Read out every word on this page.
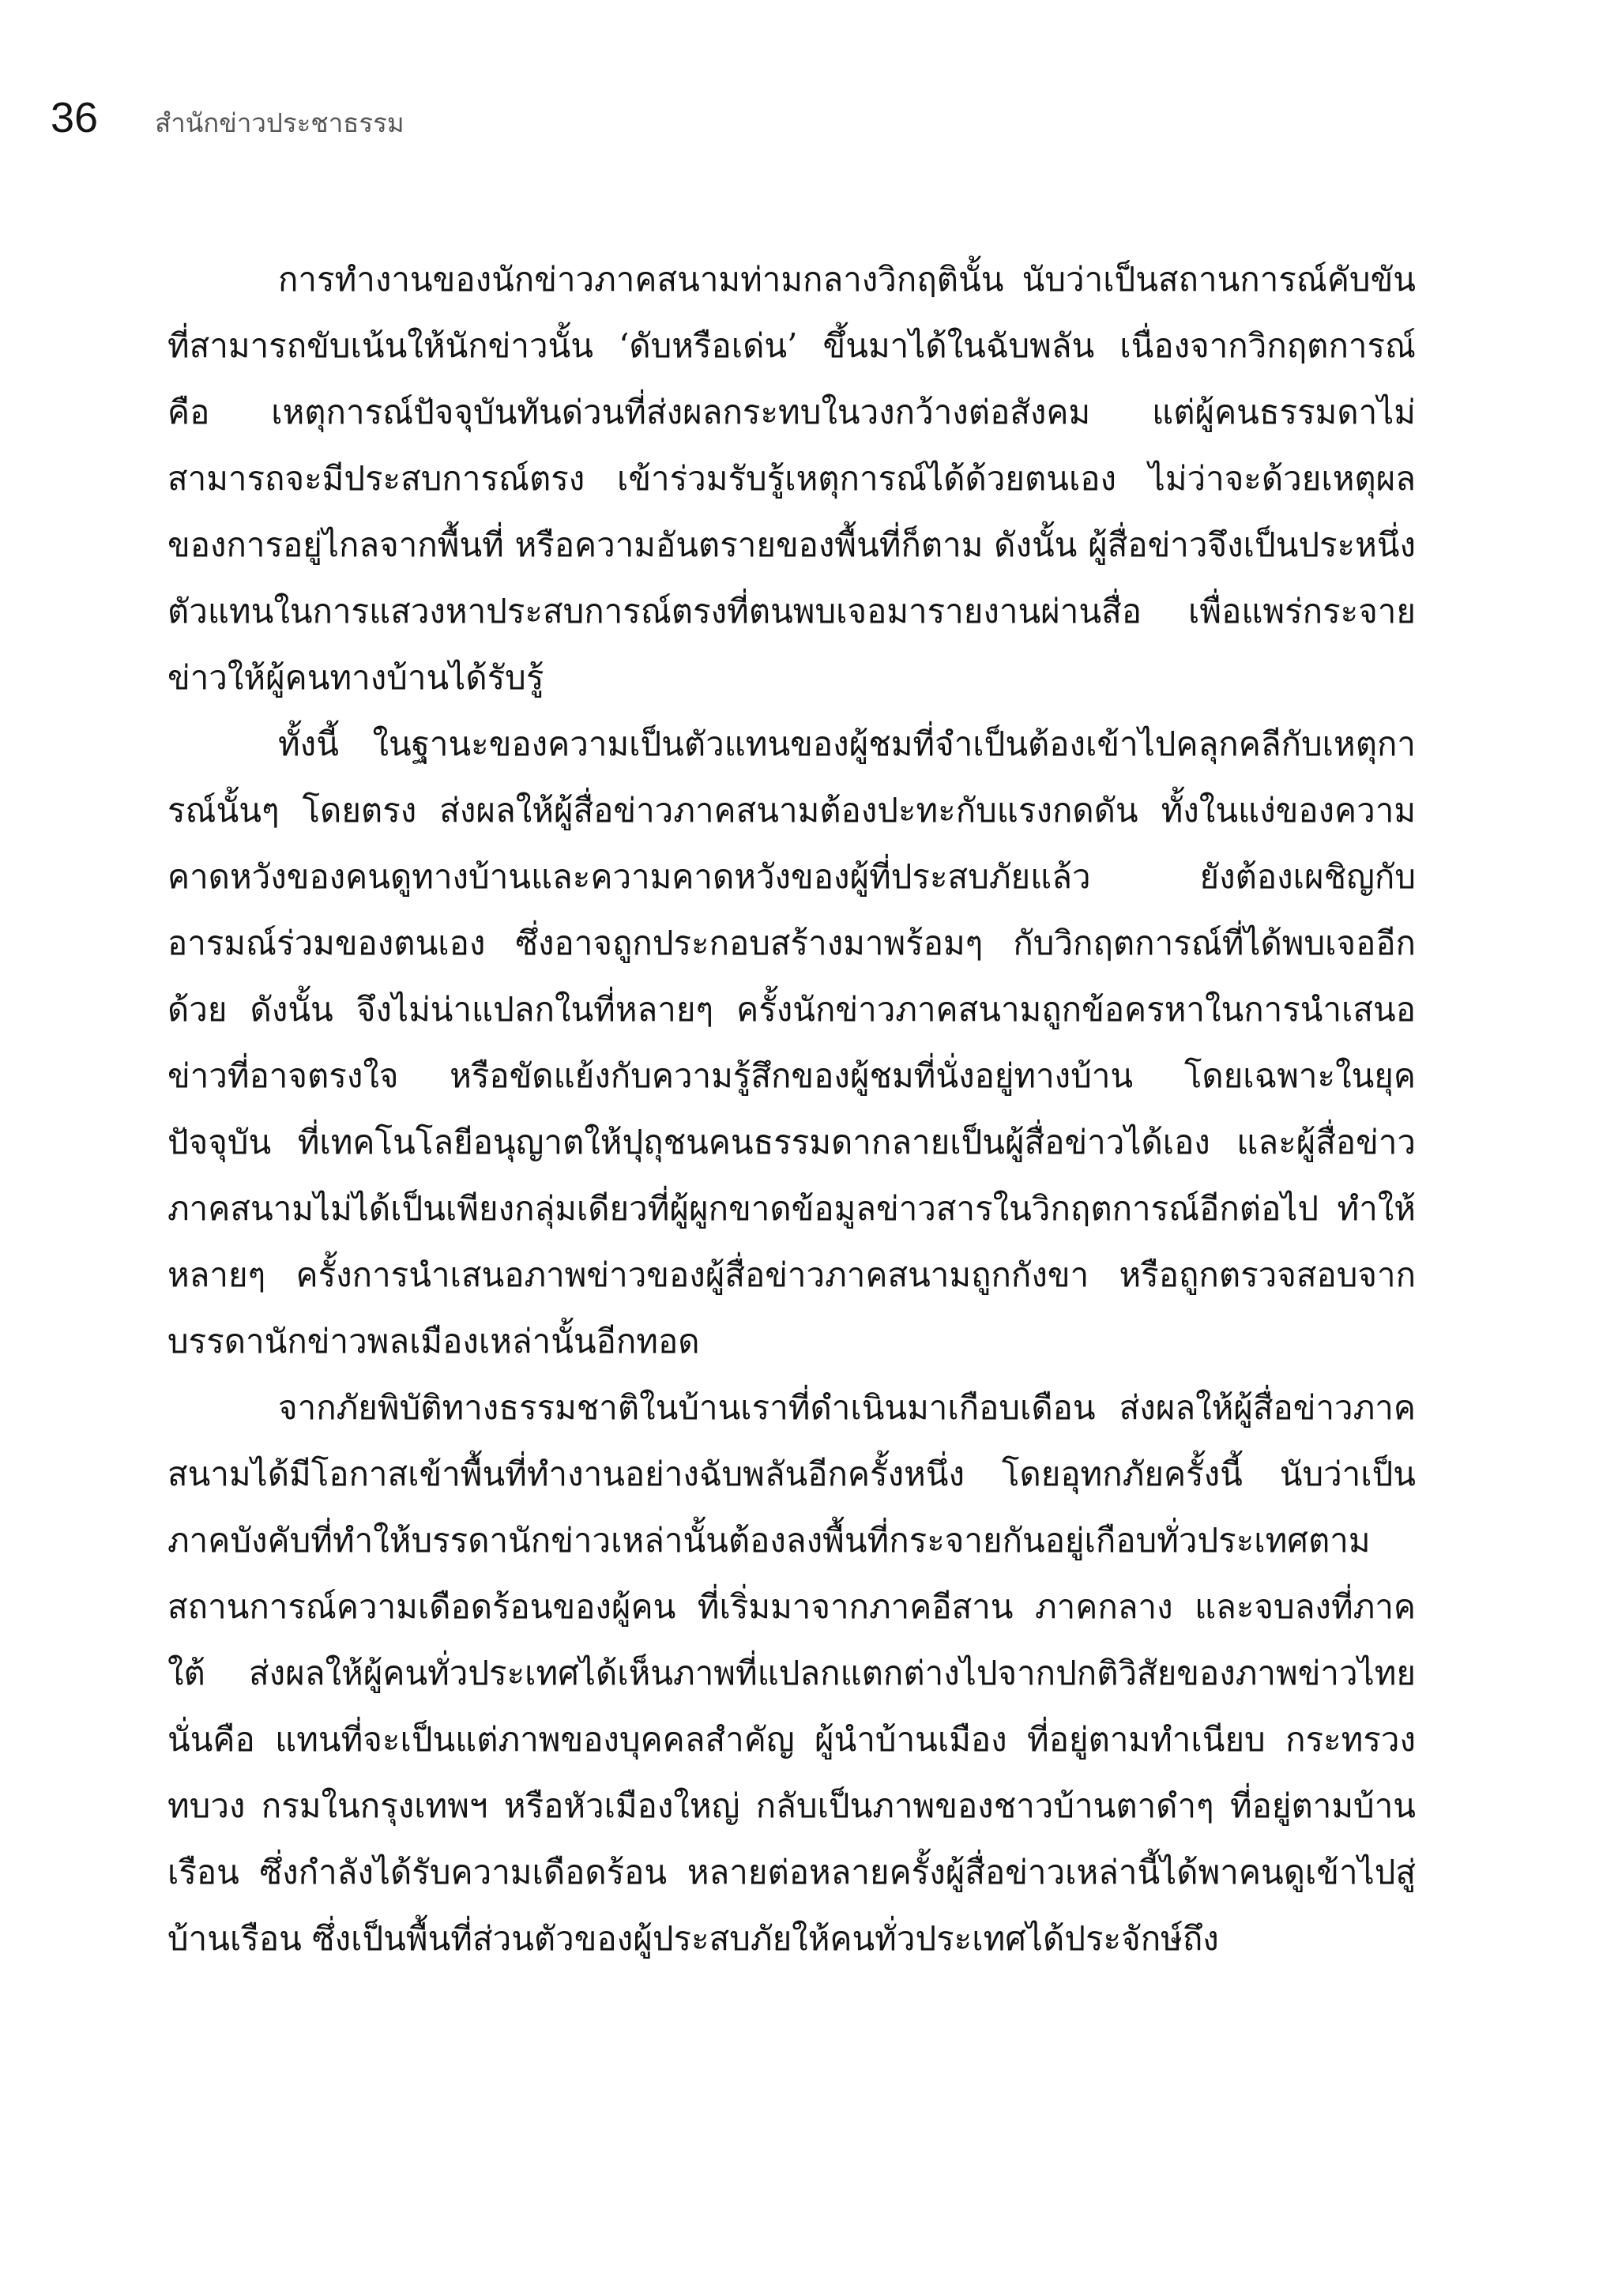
36 สำนักข่าวประชาธรรม

การทำงานของนักข่าวภาคสนามท่ามกลางวิกฤตินั้น นับว่าเป็นสถานการณ์คับขันที่สามารถขับเน้นให้นักข่าวนั้น ‘ดับหรือเด่น’ ขึ้นมาได้ในฉับพลัน เนื่องจากวิกฤตการณ์ คือ เหตุการณ์ปัจจุบันทันด่วนที่ส่งผลกระทบในวงกว้างต่อสังคม แต่ผู้คนธรรมดาไม่สามารถจะมีประสบการณ์ตรง เข้าร่วมรับรู้เหตุการณ์ได้ด้วยตนเอง ไม่ว่าจะด้วยเหตุผลของการอยู่ไกลจากพื้นที่ หรือความอันตรายของพื้นที่ก็ตาม ดังนั้น ผู้สื่อข่าวจึงเป็นประหนึ่งตัวแทนในการแสวงหาประสบการณ์ตรงที่ตนพบเจอมารายงานผ่านสื่อ เพื่อแพร่กระจายข่าวให้ผู้คนทางบ้านได้รับรู้

ทั้งนี้ ในฐานะของความเป็นตัวแทนของผู้ชมที่จำเป็นต้องเข้าไปคลุกคลีกับเหตุการณ์นั้นๆ โดยตรง ส่งผลให้ผู้สื่อข่าวภาคสนามต้องปะทะกับแรงกดดัน ทั้งในแง่ของความคาดหวังของคนดูทางบ้านและความคาดหวังของผู้ที่ประสบภัยแล้ว ยังต้องเผชิญกับอารมณ์ร่วมของตนเอง ซึ่งอาจถูกประกอบสร้างมาพร้อมๆ กับวิกฤตการณ์ที่ได้พบเจออีกด้วย ดังนั้น จึงไม่น่าแปลกในที่หลายๆ ครั้งนักข่าวภาคสนามถูกข้อครหาในการนำเสนอข่าวที่อาจตรงใจ หรือขัดแย้งกับความรู้สึกของผู้ชมที่นั่งอยู่ทางบ้าน โดยเฉพาะในยุคปัจจุบัน ที่เทคโนโลยีอนุญาตให้ปุถุชนคนธรรมดากลายเป็นผู้สื่อข่าวได้เอง และผู้สื่อข่าวภาคสนามไม่ได้เป็นเพียงกลุ่มเดียวที่ผู้ผูกขาดข้อมูลข่าวสารในวิกฤตการณ์อีกต่อไป ทำให้หลายๆ ครั้งการนำเสนอภาพข่าวของผู้สื่อข่าวภาคสนามถูกกังขา หรือถูกตรวจสอบจากบรรดานักข่าวพลเมืองเหล่านั้นอีกทอด

จากภัยพิบัติทางธรรมชาติในบ้านเราที่ดำเนินมาเกือบเดือน ส่งผลให้ผู้สื่อข่าวภาคสนามได้มีโอกาสเข้าพื้นที่ทำงานอย่างฉับพลันอีกครั้งหนึ่ง โดยอุทกภัยครั้งนี้ นับว่าเป็นภาคบังคับที่ทำให้บรรดานักข่าวเหล่านั้นต้องลงพื้นที่กระจายกันอยู่เกือบทั่วประเทศตามสถานการณ์ความเดือดร้อนของผู้คน ที่เริ่มมาจากภาคอีสาน ภาคกลาง และจบลงที่ภาคใต้ ส่งผลให้ผู้คนทั่วประเทศได้เห็นภาพที่แปลกแตกต่างไปจากปกติวิสัยของภาพข่าวไทย นั่นคือ แทนที่จะเป็นแต่ภาพของบุคคลสำคัญ ผู้นำบ้านเมือง ที่อยู่ตามทำเนียบ กระทรวง ทบวง กรมในกรุงเทพฯ หรือหัวเมืองใหญ่ กลับเป็นภาพของชาวบ้านตาดำๆ ที่อยู่ตามบ้านเรือน ซึ่งกำลังได้รับความเดือดร้อน หลายต่อหลายครั้งผู้สื่อข่าวเหล่านี้ได้พาคนดูเข้าไปสู่บ้านเรือน ซึ่งเป็นพื้นที่ส่วนตัวของผู้ประสบภัยให้คนทั่วประเทศได้ประจักษ์ถึง
